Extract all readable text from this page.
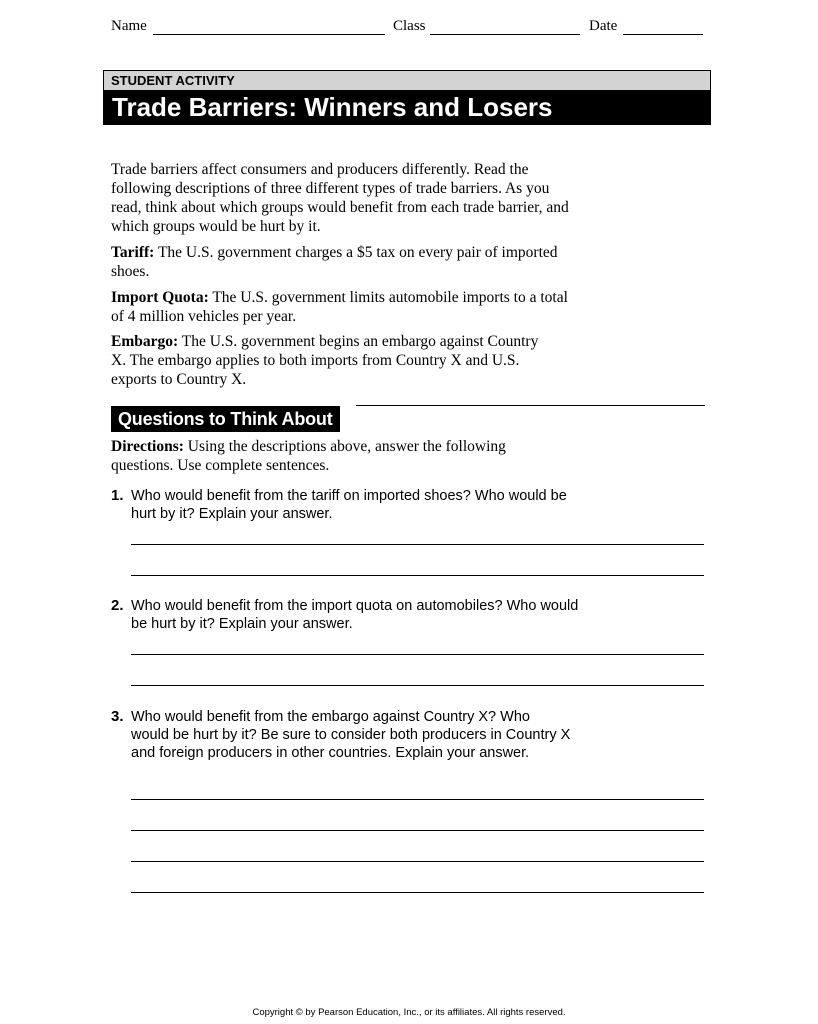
Name	Class	Date
STUDENT ACTIVITY
Trade Barriers: Winners and Losers

Trade barriers affect consumers and producers differently. Read the following descriptions of three different types of trade barriers. As you read, think about which groups would benefit from each trade barrier, and which groups would be hurt by it.

Tariff: The U.S. government charges a $5 tax on every pair of imported shoes.

Import Quota: The U.S. government limits automobile imports to a total of 4 million vehicles per year.

Embargo: The U.S. government begins an embargo against Country X. The embargo applies to both imports from Country X and U.S. exports to Country X.

Questions to Think About

Directions: Using the descriptions above, answer the following questions. Use complete sentences.

1. Who would benefit from the tariff on imported shoes? Who would be hurt by it? Explain your answer.
2. Who would benefit from the import quota on automobiles? Who would be hurt by it? Explain your answer.
3. Who would benefit from the embargo against Country X? Who would be hurt by it? Be sure to consider both producers in Country X and foreign producers in other countries. Explain your answer.
Copyright © by Pearson Education, Inc., or its affiliates. All rights reserved.
